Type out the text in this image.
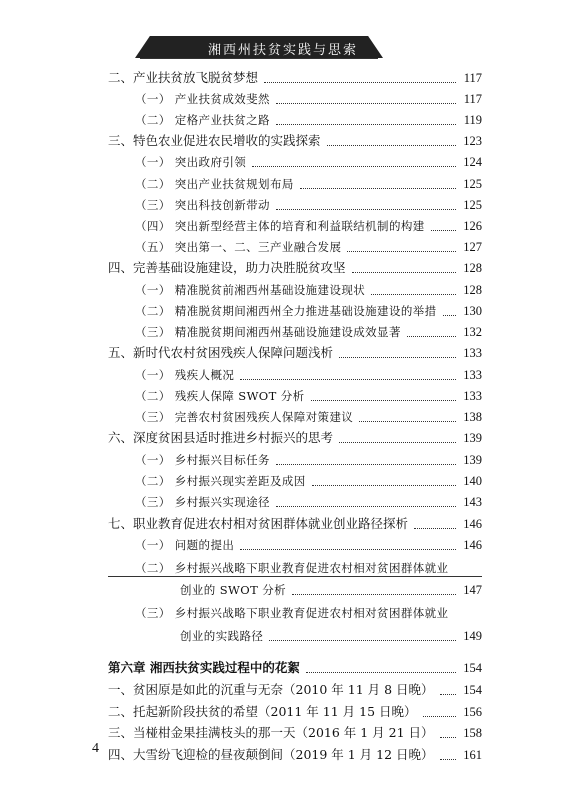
湘西州扶贫实践与思索
二、产业扶贫放飞脱贫梦想	117
（一） 产业扶贫成效斐然	117
（二） 定格产业扶贫之路	119
三、特色农业促进农民增收的实践探索	123
（一） 突出政府引领	124
（二） 突出产业扶贫规划布局	125
（三） 突出科技创新带动	125
（四） 突出新型经营主体的培育和利益联结机制的构建	126
（五） 突出第一、二、三产业融合发展	127
四、完善基础设施建设，助力决胜脱贫攻坚	128
（一） 精准脱贫前湘西州基础设施建设现状	128
（二） 精准脱贫期间湘西州全力推进基础设施建设的举措 130
（三） 精准脱贫期间湘西州基础设施建设成效显著	132
五、新时代农村贫困残疾人保障问题浅析	133
（一） 残疾人概况	133
（二） 残疾人保障 SWOT 分析	133
（三） 完善农村贫困残疾人保障对策建议	138
六、深度贫困县适时推进乡村振兴的思考	139
（一） 乡村振兴目标任务	139
（二） 乡村振兴现实差距及成因	140
（三） 乡村振兴实现途径	143
七、职业教育促进农村相对贫困群体就业创业路径探析	146
（一） 问题的提出	146
（二） 乡村振兴战略下职业教育促进农村相对贫困群体就业
创业的 SWOT 分析	147
（三） 乡村振兴战略下职业教育促进农村相对贫困群体就业
创业的实践路径	149
第六章 湘西扶贫实践过程中的花絮	154
一、贫困原是如此的沉重与无奈（2010 年 11 月 8 日晚） 154
二、托起新阶段扶贫的希望（2011 年 11 月 15 日晚）	156
三、当椪柑金果挂满枝头的那一天（2016 年 1 月 21 日） 158
四、大雪纷飞迎检的昼夜颠倒间（2019 年 1 月 12 日晚） 161
4
